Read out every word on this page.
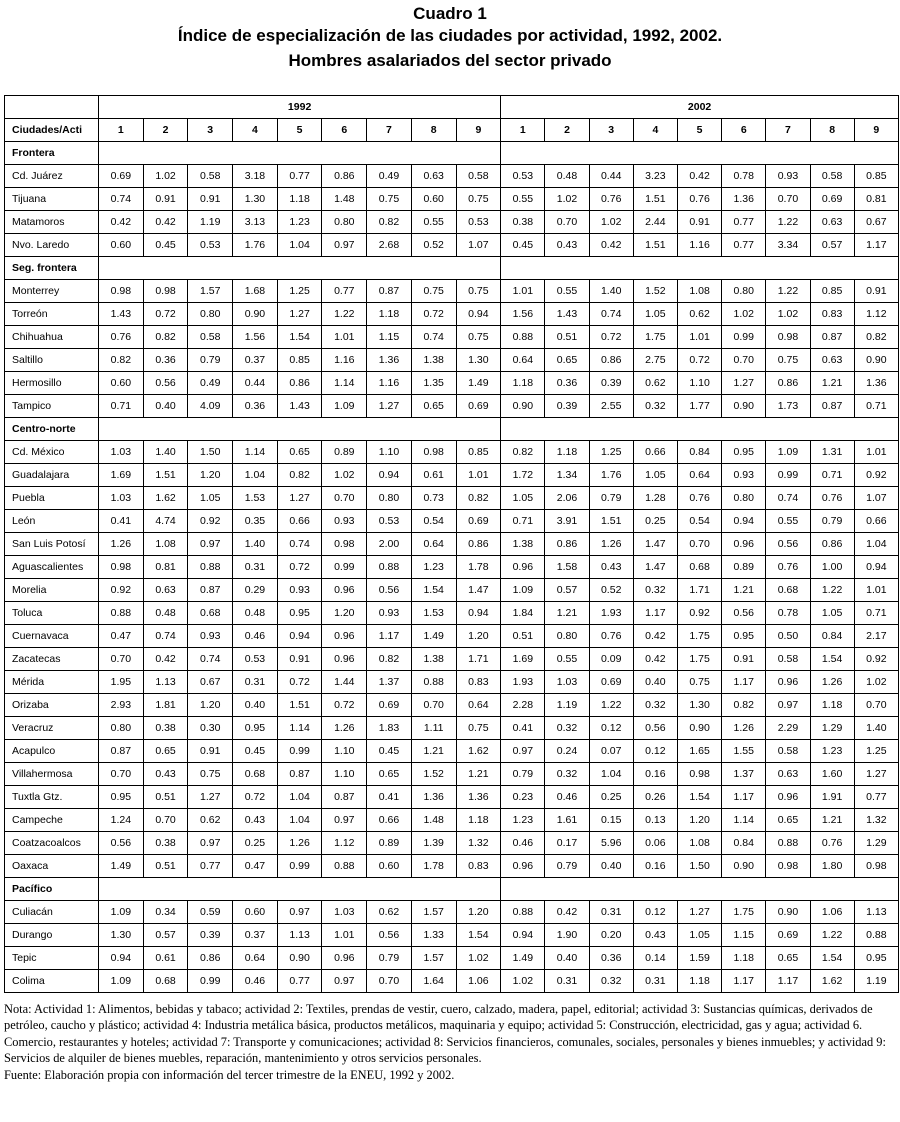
Cuadro 1
Índice de especialización de las ciudades por actividad, 1992, 2002.
Hombres asalariados del sector privado
	1992									2002								
Ciudades/Acti	1	2	3	4	5	6	7	8	9	1	2	3	4	5	6	7	8	9
Frontera																		
Cd. Juárez	0.69	1.02	0.58	3.18	0.77	0.86	0.49	0.63	0.58	0.53	0.48	0.44	3.23	0.42	0.78	0.93	0.58	0.85
Tijuana	0.74	0.91	0.91	1.30	1.18	1.48	0.75	0.60	0.75	0.55	1.02	0.76	1.51	0.76	1.36	0.70	0.69	0.81
Matamoros	0.42	0.42	1.19	3.13	1.23	0.80	0.82	0.55	0.53	0.38	0.70	1.02	2.44	0.91	0.77	1.22	0.63	0.67
Nvo. Laredo	0.60	0.45	0.53	1.76	1.04	0.97	2.68	0.52	1.07	0.45	0.43	0.42	1.51	1.16	0.77	3.34	0.57	1.17
Seg. frontera																		
Monterrey	0.98	0.98	1.57	1.68	1.25	0.77	0.87	0.75	0.75	1.01	0.55	1.40	1.52	1.08	0.80	1.22	0.85	0.91
Torreón	1.43	0.72	0.80	0.90	1.27	1.22	1.18	0.72	0.94	1.56	1.43	0.74	1.05	0.62	1.02	1.02	0.83	1.12
Chihuahua	0.76	0.82	0.58	1.56	1.54	1.01	1.15	0.74	0.75	0.88	0.51	0.72	1.75	1.01	0.99	0.98	0.87	0.82
Saltillo	0.82	0.36	0.79	0.37	0.85	1.16	1.36	1.38	1.30	0.64	0.65	0.86	2.75	0.72	0.70	0.75	0.63	0.90
Hermosillo	0.60	0.56	0.49	0.44	0.86	1.14	1.16	1.35	1.49	1.18	0.36	0.39	0.62	1.10	1.27	0.86	1.21	1.36
Tampico	0.71	0.40	4.09	0.36	1.43	1.09	1.27	0.65	0.69	0.90	0.39	2.55	0.32	1.77	0.90	1.73	0.87	0.71
Centro-norte																		
Cd. México	1.03	1.40	1.50	1.14	0.65	0.89	1.10	0.98	0.85	0.82	1.18	1.25	0.66	0.84	0.95	1.09	1.31	1.01
Guadalajara	1.69	1.51	1.20	1.04	0.82	1.02	0.94	0.61	1.01	1.72	1.34	1.76	1.05	0.64	0.93	0.99	0.71	0.92
Puebla	1.03	1.62	1.05	1.53	1.27	0.70	0.80	0.73	0.82	1.05	2.06	0.79	1.28	0.76	0.80	0.74	0.76	1.07
León	0.41	4.74	0.92	0.35	0.66	0.93	0.53	0.54	0.69	0.71	3.91	1.51	0.25	0.54	0.94	0.55	0.79	0.66
San Luis Potosí	1.26	1.08	0.97	1.40	0.74	0.98	2.00	0.64	0.86	1.38	0.86	1.26	1.47	0.70	0.96	0.56	0.86	1.04
Aguascalientes	0.98	0.81	0.88	0.31	0.72	0.99	0.88	1.23	1.78	0.96	1.58	0.43	1.47	0.68	0.89	0.76	1.00	0.94
Morelia	0.92	0.63	0.87	0.29	0.93	0.96	0.56	1.54	1.47	1.09	0.57	0.52	0.32	1.71	1.21	0.68	1.22	1.01
Toluca	0.88	0.48	0.68	0.48	0.95	1.20	0.93	1.53	0.94	1.84	1.21	1.93	1.17	0.92	0.56	0.78	1.05	0.71
Cuernavaca	0.47	0.74	0.93	0.46	0.94	0.96	1.17	1.49	1.20	0.51	0.80	0.76	0.42	1.75	0.95	0.50	0.84	2.17
Zacatecas	0.70	0.42	0.74	0.53	0.91	0.96	0.82	1.38	1.71	1.69	0.55	0.09	0.42	1.75	0.91	0.58	1.54	0.92
Mérida	1.95	1.13	0.67	0.31	0.72	1.44	1.37	0.88	0.83	1.93	1.03	0.69	0.40	0.75	1.17	0.96	1.26	1.02
Orizaba	2.93	1.81	1.20	0.40	1.51	0.72	0.69	0.70	0.64	2.28	1.19	1.22	0.32	1.30	0.82	0.97	1.18	0.70
Veracruz	0.80	0.38	0.30	0.95	1.14	1.26	1.83	1.11	0.75	0.41	0.32	0.12	0.56	0.90	1.26	2.29	1.29	1.40
Acapulco	0.87	0.65	0.91	0.45	0.99	1.10	0.45	1.21	1.62	0.97	0.24	0.07	0.12	1.65	1.55	0.58	1.23	1.25
Villahermosa	0.70	0.43	0.75	0.68	0.87	1.10	0.65	1.52	1.21	0.79	0.32	1.04	0.16	0.98	1.37	0.63	1.60	1.27
Tuxtla Gtz.	0.95	0.51	1.27	0.72	1.04	0.87	0.41	1.36	1.36	0.23	0.46	0.25	0.26	1.54	1.17	0.96	1.91	0.77
Campeche	1.24	0.70	0.62	0.43	1.04	0.97	0.66	1.48	1.18	1.23	1.61	0.15	0.13	1.20	1.14	0.65	1.21	1.32
Coatzacoalcos	0.56	0.38	0.97	0.25	1.26	1.12	0.89	1.39	1.32	0.46	0.17	5.96	0.06	1.08	0.84	0.88	0.76	1.29
Oaxaca	1.49	0.51	0.77	0.47	0.99	0.88	0.60	1.78	0.83	0.96	0.79	0.40	0.16	1.50	0.90	0.98	1.80	0.98
Pacífico																		
Culiacán	1.09	0.34	0.59	0.60	0.97	1.03	0.62	1.57	1.20	0.88	0.42	0.31	0.12	1.27	1.75	0.90	1.06	1.13
Durango	1.30	0.57	0.39	0.37	1.13	1.01	0.56	1.33	1.54	0.94	1.90	0.20	0.43	1.05	1.15	0.69	1.22	0.88
Tepic	0.94	0.61	0.86	0.64	0.90	0.96	0.79	1.57	1.02	1.49	0.40	0.36	0.14	1.59	1.18	0.65	1.54	0.95
Colima	1.09	0.68	0.99	0.46	0.77	0.97	0.70	1.64	1.06	1.02	0.31	0.32	0.31	1.18	1.17	1.17	1.62	1.19

Nota: Actividad 1: Alimentos, bebidas y tabaco; actividad 2: Textiles, prendas de vestir, cuero, calzado, madera, papel, editorial; actividad 3: Sustancias químicas, derivados de petróleo, caucho y plástico; actividad 4: Industria metálica básica, productos metálicos, maquinaria y equipo; actividad 5: Construcción, electricidad, gas y agua; actividad 6. Comercio, restaurantes y hoteles; actividad 7: Transporte y comunicaciones; actividad 8: Servicios financieros, comunales, sociales, personales y bienes inmuebles; y actividad 9: Servicios de alquiler de bienes muebles, reparación, mantenimiento y otros servicios personales.

Fuente: Elaboración propia con información del tercer trimestre de la ENEU, 1992 y 2002.
